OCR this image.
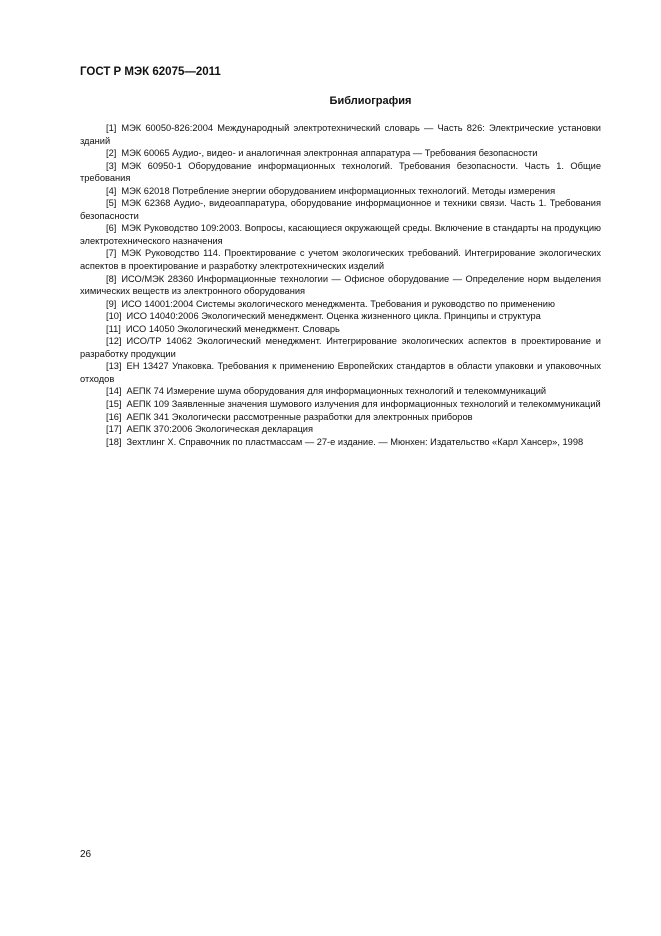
ГОСТ Р МЭК 62075—2011
Библиография

[1] МЭК 60050-826:2004 Международный электротехнический словарь — Часть 826: Электрические установки зданий

[2] МЭК 60065 Аудио-, видео- и аналогичная электронная аппаратура — Требования безопасности

[3] МЭК 60950-1 Оборудование информационных технологий. Требования безопасности. Часть 1. Общие требования

[4] МЭК 62018 Потребление энергии оборудованием информационных технологий. Методы измерения

[5] МЭК 62368 Аудио-, видеоаппаратура, оборудование информационное и техники связи. Часть 1. Требования безопасности

[6] МЭК Руководство 109:2003. Вопросы, касающиеся окружающей среды. Включение в стандарты на продукцию электротехнического назначения

[7] МЭК Руководство 114. Проектирование с учетом экологических требований. Интегрирование экологических аспектов в проектирование и разработку электротехнических изделий

[8] ИСО/МЭК 28360 Информационные технологии — Офисное оборудование — Определение норм выделения химических веществ из электронного оборудования

[9] ИСО 14001:2004 Системы экологического менеджмента. Требования и руководство по применению

[10] ИСО 14040:2006 Экологический менеджмент. Оценка жизненного цикла. Принципы и структура

[11] ИСО 14050 Экологический менеджмент. Словарь

[12] ИСО/ТР 14062 Экологический менеджмент. Интегрирование экологических аспектов в проектирование и разработку продукции

[13] ЕН 13427 Упаковка. Требования к применению Европейских стандартов в области упаковки и упаковочных отходов

[14] АЕПК 74 Измерение шума оборудования для информационных технологий и телекоммуникаций

[15] АЕПК 109 Заявленные значения шумового излучения для информационных технологий и телекоммуникаций

[16] АЕПК 341 Экологически рассмотренные разработки для электронных приборов

[17] АЕПК 370:2006 Экологическая декларация

[18] Зехтлинг Х. Справочник по пластмассам — 27-е издание. — Мюнхен: Издательство «Карл Хансер», 1998

26
